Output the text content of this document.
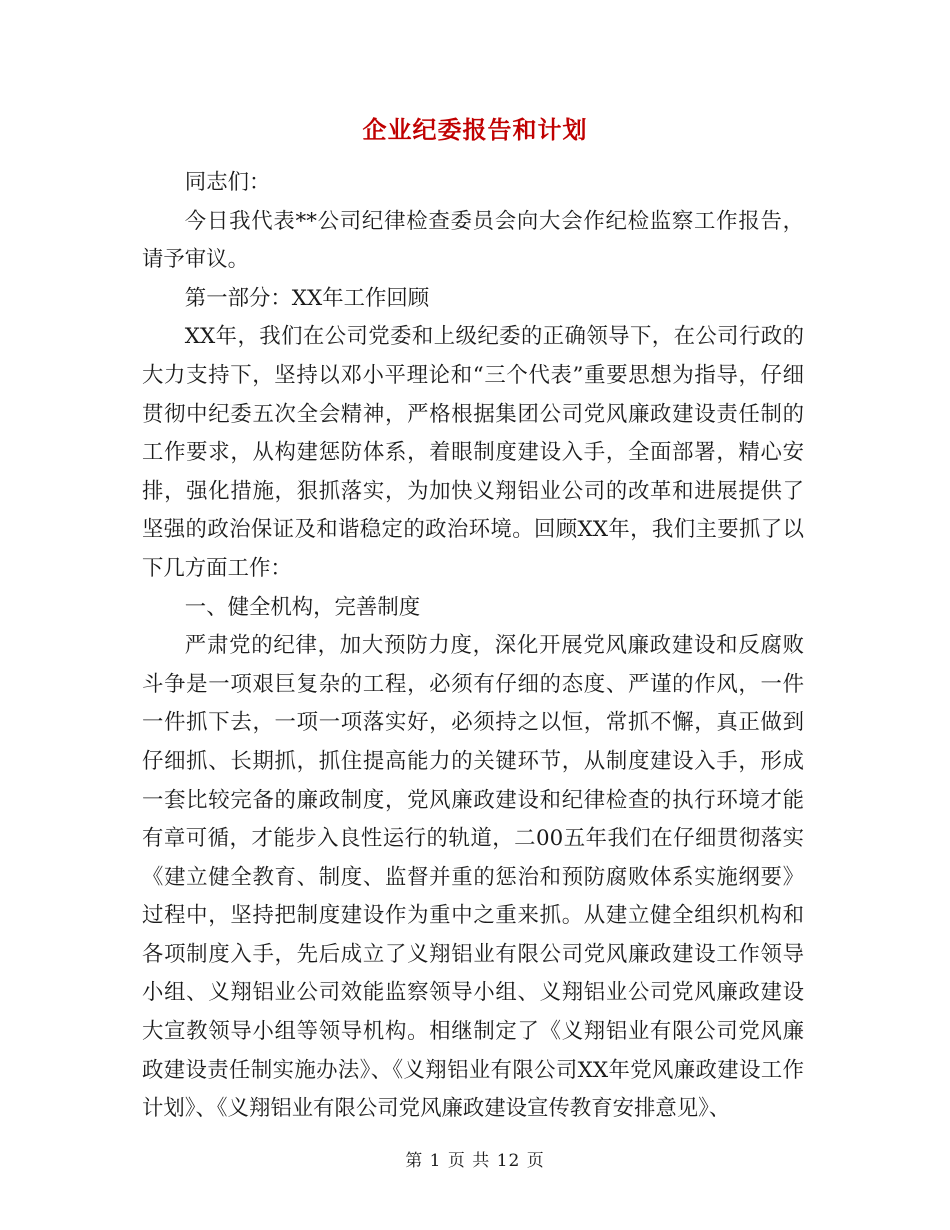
企业纪委报告和计划

同志们：

今日我代表**公司纪律检查委员会向大会作纪检监察工作报告，请予审议。

第一部分：XX年工作回顾

XX年，我们在公司党委和上级纪委的正确领导下，在公司行政的大力支持下，坚持以邓小平理论和“三个代表”重要思想为指导，仔细贯彻中纪委五次全会精神，严格根据集团公司党风廉政建设责任制的工作要求，从构建惩防体系，着眼制度建设入手，全面部署，精心安排，强化措施，狠抓落实，为加快义翔铝业公司的改革和进展提供了坚强的政治保证及和谐稳定的政治环境。回顾XX年，我们主要抓了以下几方面工作：

一、健全机构，完善制度

严肃党的纪律，加大预防力度，深化开展党风廉政建设和反腐败斗争是一项艰巨复杂的工程，必须有仔细的态度、严谨的作风，一件一件抓下去，一项一项落实好，必须持之以恒，常抓不懈，真正做到仔细抓、长期抓，抓住提高能力的关键环节，从制度建设入手，形成一套比较完备的廉政制度，党风廉政建设和纪律检查的执行环境才能有章可循，才能步入良性运行的轨道，二00五年我们在仔细贯彻落实《建立健全教育、制度、监督并重的惩治和预防腐败体系实施纲要》过程中，坚持把制度建设作为重中之重来抓。从建立健全组织机构和各项制度入手，先后成立了义翔铝业有限公司党风廉政建设工作领导小组、义翔铝业公司效能监察领导小组、义翔铝业公司党风廉政建设大宣教领导小组等领导机构。相继制定了《义翔铝业有限公司党风廉政建设责任制实施办法》、《义翔铝业有限公司XX年党风廉政建设工作计划》、《义翔铝业有限公司党风廉政建设宣传教育安排意见》、

第 1 页 共 12 页
